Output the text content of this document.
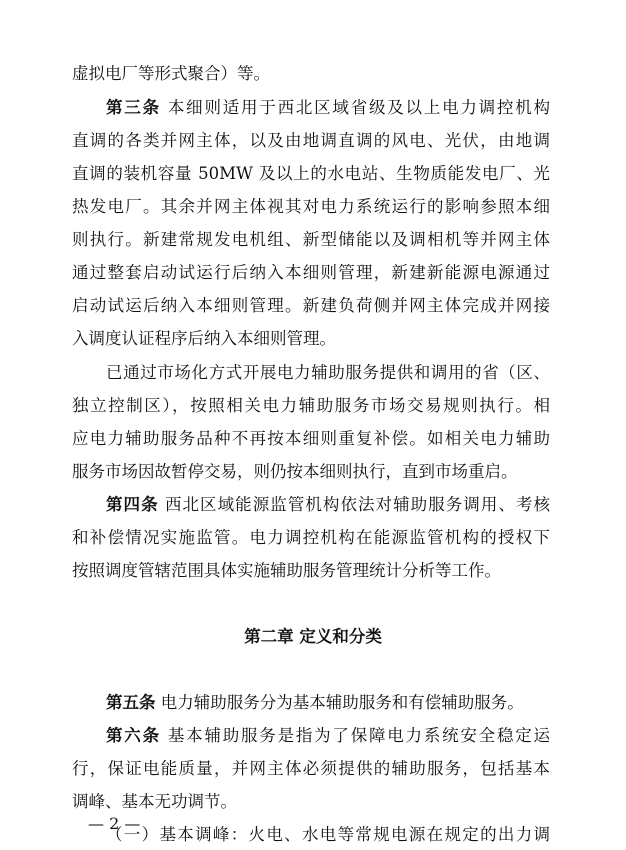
虚拟电厂等形式聚合）等。
第三条 本细则适用于西北区域省级及以上电力调控机构
直调的各类并网主体，以及由地调直调的风电、光伏，由地调
直调的装机容量 50MW 及以上的水电站、生物质能发电厂、光
热发电厂。其余并网主体视其对电力系统运行的影响参照本细
则执行。新建常规发电机组、新型储能以及调相机等并网主体
通过整套启动试运行后纳入本细则管理，新建新能源电源通过
启动试运后纳入本细则管理。新建负荷侧并网主体完成并网接
入调度认证程序后纳入本细则管理。
已通过市场化方式开展电力辅助服务提供和调用的省（区、
独立控制区），按照相关电力辅助服务市场交易规则执行。相
应电力辅助服务品种不再按本细则重复补偿。如相关电力辅助
服务市场因故暂停交易，则仍按本细则执行，直到市场重启。
第四条 西北区域能源监管机构依法对辅助服务调用、考核
和补偿情况实施监管。电力调控机构在能源监管机构的授权下
按照调度管辖范围具体实施辅助服务管理统计分析等工作。
第二章 定义和分类
第五条 电力辅助服务分为基本辅助服务和有偿辅助服务。
第六条 基本辅助服务是指为了保障电力系统安全稳定运
行，保证电能质量，并网主体必须提供的辅助服务，包括基本
调峰、基本无功调节。
（一）基本调峰：火电、水电等常规电源在规定的出力调
— 2 —
